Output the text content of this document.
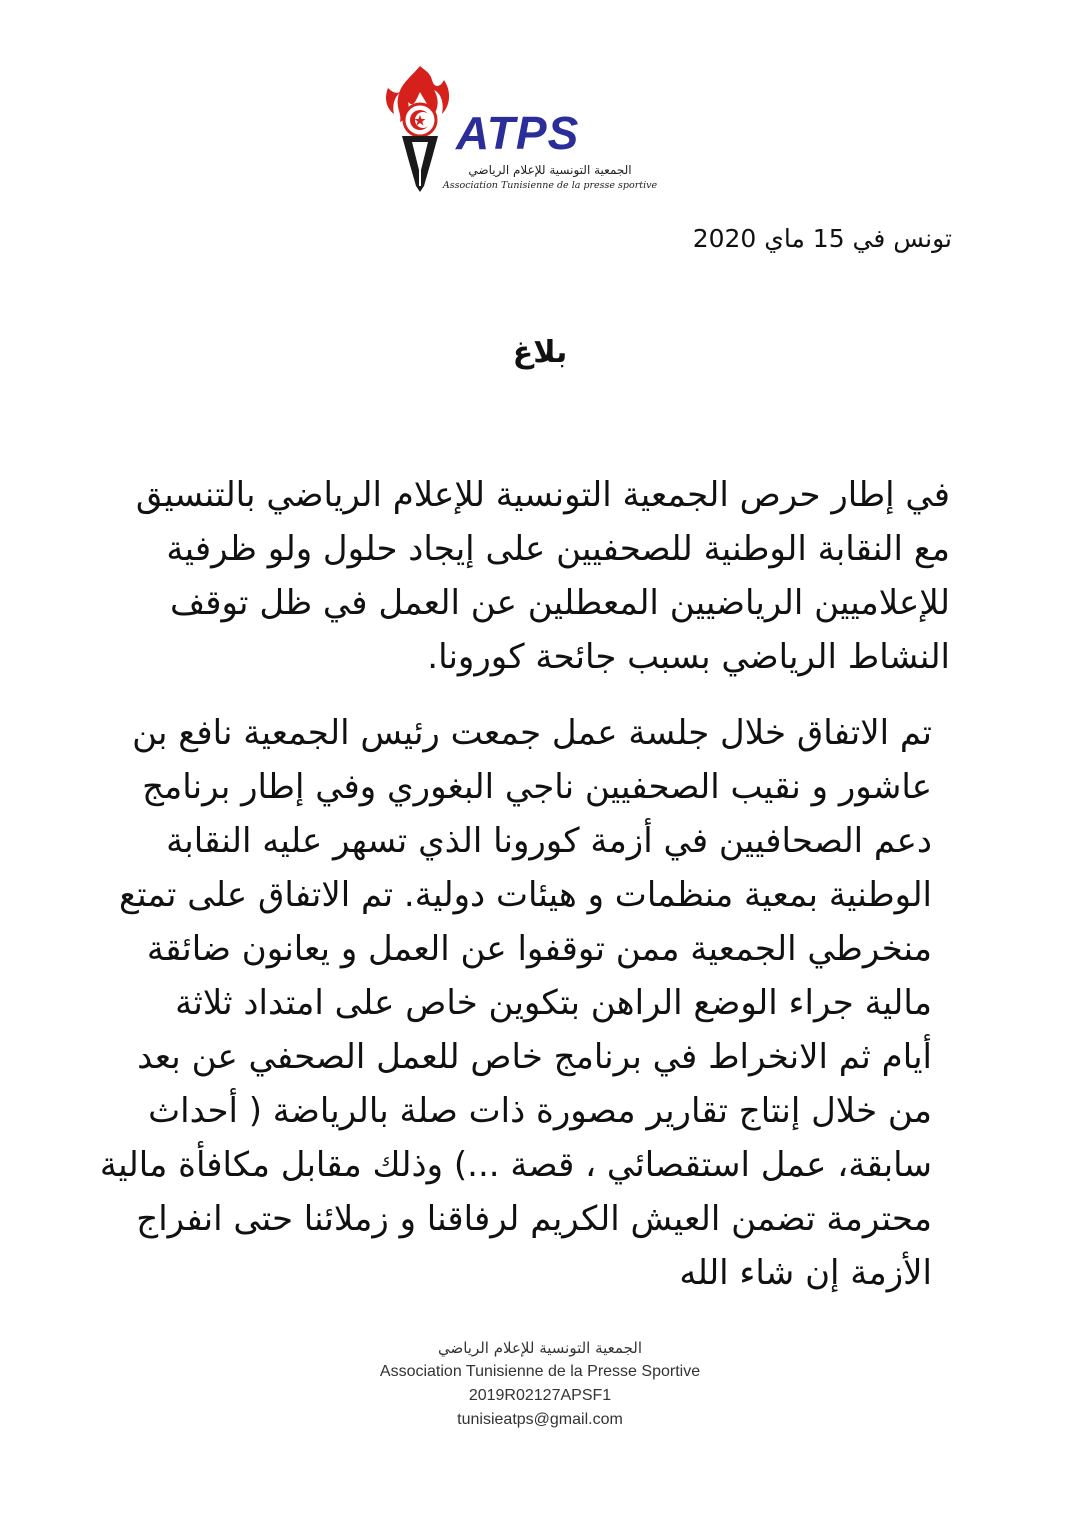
ATPS
الجمعية التونسية للإعلام الرياضي
Association Tunisienne de la presse sportive
تونس في 15 ماي 2020
بلاغ
في إطار حرص الجمعية التونسية للإعلام الرياضي بالتنسيق
مع النقابة الوطنية للصحفيين على إيجاد حلول ولو ظرفية
للإعلاميين الرياضيين المعطلين عن العمل في ظل توقف
النشاط الرياضي بسبب جائحة كورونا.
تم الاتفاق خلال جلسة عمل جمعت رئيس الجمعية نافع بن
عاشور و نقيب الصحفيين ناجي البغوري وفي إطار برنامج
دعم الصحافيين في أزمة كورونا الذي تسهر عليه النقابة
الوطنية بمعية منظمات و هيئات دولية. تم الاتفاق على تمتع
منخرطي الجمعية ممن توقفوا عن العمل و يعانون ضائقة
مالية جراء الوضع الراهن بتكوين خاص على امتداد ثلاثة
أيام ثم الانخراط في برنامج خاص للعمل الصحفي عن بعد
من خلال إنتاج تقارير مصورة ذات صلة بالرياضة ( أحداث
سابقة، عمل استقصائي ، قصة ...) وذلك مقابل مكافأة مالية
محترمة تضمن العيش الكريم لرفاقنا و زملائنا حتى انفراج
الأزمة إن شاء الله
الجمعية التونسية للإعلام الرياضي
Association Tunisienne de la Presse Sportive
2019R02127APSF1
tunisieatps@gmail.com
